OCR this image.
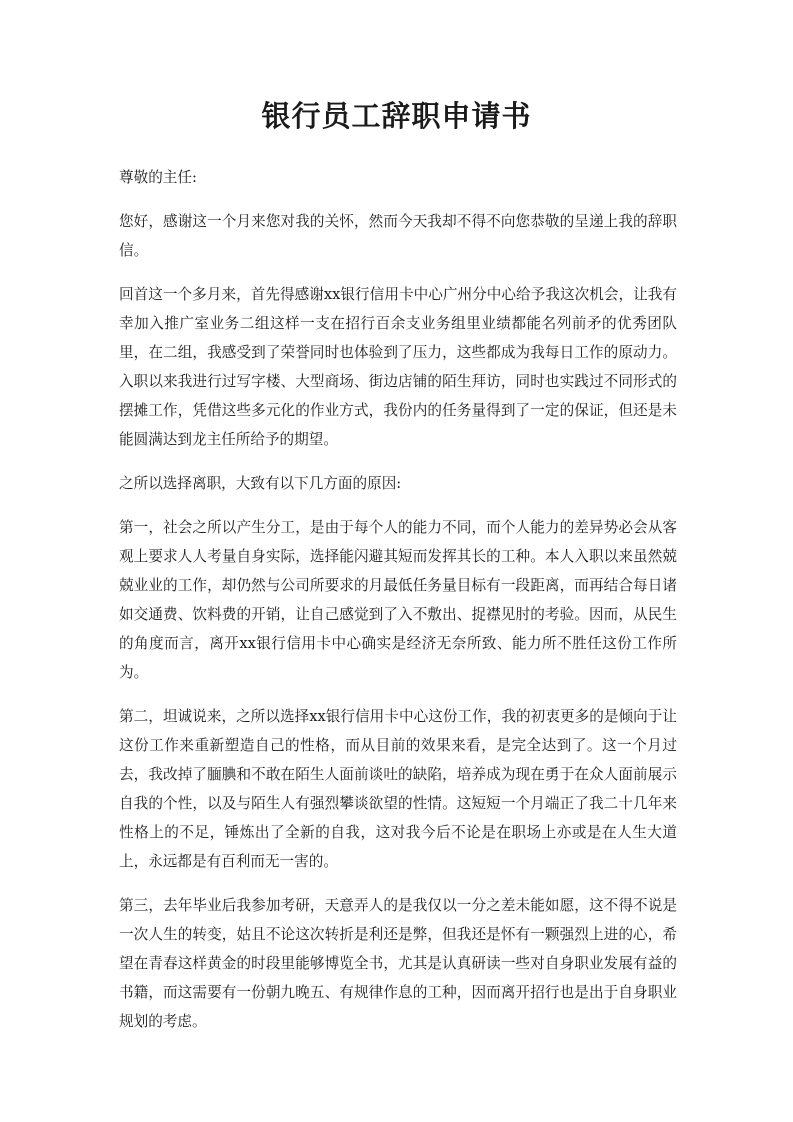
银行员工辞职申请书

尊敬的主任:

您好，感谢这一个月来您对我的关怀，然而今天我却不得不向您恭敬的呈递上我的辞职信。

回首这一个多月来，首先得感谢xx银行信用卡中心广州分中心给予我这次机会，让我有幸加入推广室业务二组这样一支在招行百余支业务组里业绩都能名列前矛的优秀团队里，在二组，我感受到了荣誉同时也体验到了压力，这些都成为我每日工作的原动力。入职以来我进行过写字楼、大型商场、街边店铺的陌生拜访，同时也实践过不同形式的摆摊工作，凭借这些多元化的作业方式，我份内的任务量得到了一定的保证，但还是未能圆满达到龙主任所给予的期望。

之所以选择离职，大致有以下几方面的原因:

第一，社会之所以产生分工，是由于每个人的能力不同，而个人能力的差异势必会从客观上要求人人考量自身实际，选择能闪避其短而发挥其长的工种。本人入职以来虽然兢兢业业的工作，却仍然与公司所要求的月最低任务量目标有一段距离，而再结合每日诸如交通费、饮料费的开销，让自己感觉到了入不敷出、捉襟见肘的考验。因而，从民生的角度而言，离开xx银行信用卡中心确实是经济无奈所致、能力所不胜任这份工作所为。

第二，坦诚说来，之所以选择xx银行信用卡中心这份工作，我的初衷更多的是倾向于让这份工作来重新塑造自己的性格，而从目前的效果来看，是完全达到了。这一个月过去，我改掉了腼腆和不敢在陌生人面前谈吐的缺陷，培养成为现在勇于在众人面前展示自我的个性，以及与陌生人有强烈攀谈欲望的性情。这短短一个月端正了我二十几年来性格上的不足，锤炼出了全新的自我，这对我今后不论是在职场上亦或是在人生大道上，永远都是有百利而无一害的。

第三，去年毕业后我参加考研，天意弄人的是我仅以一分之差未能如愿，这不得不说是一次人生的转变，姑且不论这次转折是利还是弊，但我还是怀有一颗强烈上进的心，希望在青春这样黄金的时段里能够博览全书，尤其是认真研读一些对自身职业发展有益的书籍，而这需要有一份朝九晚五、有规律作息的工种，因而离开招行也是出于自身职业规划的考虑。
